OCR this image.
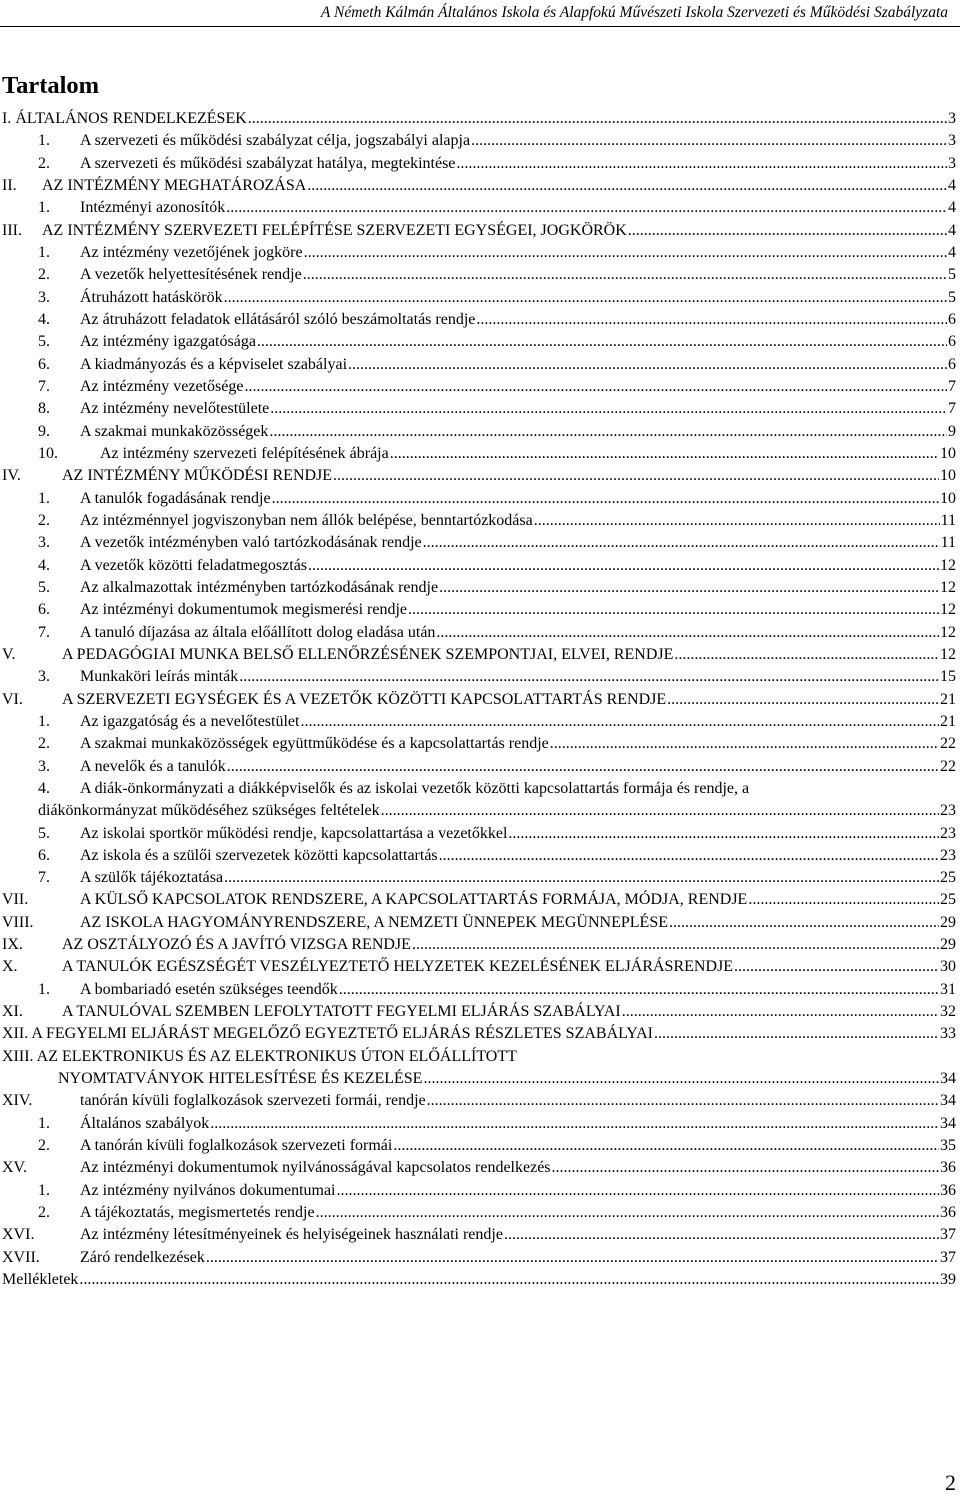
A Németh Kálmán Általános Iskola és Alapfokú Művészeti Iskola Szervezeti és Működési Szabályzata
Tartalom
I. ÁLTALÁNOS RENDELKEZÉSEK .....	3
1. A szervezeti és működési szabályzat célja, jogszabályi alapja .....	3
2. A szervezeti és működési szabályzat hatálya, megtekintése .....	3
II. AZ INTÉZMÉNY MEGHATÁROZÁSA .....	4
1. Intézményi azonosítók .....	4
III. AZ INTÉZMÉNY SZERVEZETI FELÉPÍTÉSE SZERVEZETI EGYSÉGEI, JOGKÖRÖK .....	4
1. Az intézmény vezetőjének jogköre .....	4
2. A vezetők helyettesítésének rendje .....	5
3. Átruházott hatáskörök .....	5
4. Az átruházott feladatok ellátásáról szóló beszámoltatás rendje .....	6
5. Az intézmény igazgatósága .....	6
6. A kiadmányozás és a képviselet szabályai .....	6
7. Az intézmény vezetősége .....	7
8. Az intézmény nevelőtestülete .....	7
9. A szakmai munkaközösségek .....	9
10.	Az intézmény szervezeti felépítésének ábrája .....	10
IV.	AZ INTÉZMÉNY MŰKÖDÉSI RENDJE .....	10
1. A tanulók fogadásának rendje .....	10
2. Az intézménnyel jogviszonyban nem állók belépése, benntartózkodása .....	11
3. A vezetők intézményben való tartózkodásának rendje .....	11
4. A vezetők közötti feladatmegosztás .....	12
5. Az alkalmazottak intézményben tartózkodásának rendje .....	12
6. Az intézményi dokumentumok megismerési rendje .....	12
7. A tanuló díjazása az általa előállított dolog eladása után .....	12
V.	A PEDAGÓGIAI MUNKA BELSŐ ELLENŐRZÉSÉNEK SZEMPONTJAI, ELVEI, RENDJE .....	12
3. Munkaköri leírás minták .....	15
VI. A SZERVEZETI EGYSÉGEK ÉS A VEZETŐK KÖZÖTTI KAPCSOLATTARTÁS RENDJE .....	21
1. Az igazgatóság és a nevelőtestület .....	21
2. A szakmai munkaközösségek együttműködése és a kapcsolattartás rendje .....	22
3. A nevelők és a tanulók .....	22
4. A diák-önkormányzati a diákképviselők és az iskolai vezetők közötti kapcsolattartás formája és rendje, a
diákönkormányzat működéséhez szükséges feltételek .....	23
5. Az iskolai sportkör működési rendje, kapcsolattartása a vezetőkkel .....	23
6. Az iskola és a szülői szervezetek közötti kapcsolattartás .....	23
7. A szülők tájékoztatása .....	25
VII.	A KÜLSŐ KAPCSOLATOK RENDSZERE, A KAPCSOLATTARTÁS FORMÁJA, MÓDJA, RENDJE .....	25
VIII.	AZ ISKOLA HAGYOMÁNYRENDSZERE, A NEMZETI ÜNNEPEK MEGÜNNEPLÉSE .....	29
IX. AZ OSZTÁLYOZÓ ÉS A JAVÍTÓ VIZSGA RENDJE .....	29
X.	A TANULÓK EGÉSZSÉGÉT VESZÉLYEZTETŐ HELYZETEK KEZELÉSÉNEK ELJÁRÁSRENDJE .....	30
1. A bombariadó esetén szükséges teendők .....	31
XI. A TANULÓVAL SZEMBEN LEFOLYTATOTT FEGYELMI ELJÁRÁS SZABÁLYAI .....	32
XII. A FEGYELMI ELJÁRÁST MEGELŐZŐ EGYEZTETŐ ELJÁRÁS RÉSZLETES SZABÁLYAI .....	33
XIII. AZ ELEKTRONIKUS ÉS AZ ELEKTRONIKUS ÚTON ELŐÁLLÍTOTT
NYOMTATVÁNYOK HITELESÍTÉSE ÉS KEZELÉSE .....	34
XIV.	tanórán kívüli foglalkozások szervezeti formái, rendje .....	34
1. Általános szabályok .....	34
2. A tanórán kívüli foglalkozások szervezeti formái .....	35
XV.	Az intézményi dokumentumok nyilvánosságával kapcsolatos rendelkezés .....	36
1. Az intézmény nyilvános dokumentumai .....	36
2. A tájékoztatás, megismertetés rendje .....	36
XVI.	Az intézmény létesítményeinek és helyiségeinek használati rendje .....	37
XVII.	Záró rendelkezések .....	37
Mellékletek .....	39
2
